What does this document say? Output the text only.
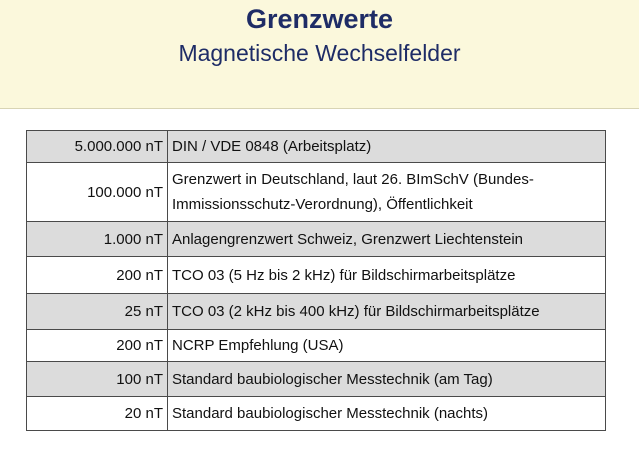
Grenzwerte
Magnetische Wechselfelder
5.000.000 nT	DIN / VDE 0848 (Arbeitsplatz)
100.000 nT	Grenzwert in Deutschland, laut 26. BImSchV (Bundes-Immissionsschutz-Verordnung), Öffentlichkeit
1.000 nT	Anlagengrenzwert Schweiz, Grenzwert Liechtenstein
200 nT	TCO 03 (5 Hz bis 2 kHz) für Bildschirmarbeitsplätze
25 nT	TCO 03 (2 kHz bis 400 kHz) für Bildschirmarbeitsplätze
200 nT	NCRP Empfehlung (USA)
100 nT	Standard baubiologischer Messtechnik (am Tag)
20 nT	Standard baubiologischer Messtechnik (nachts)
